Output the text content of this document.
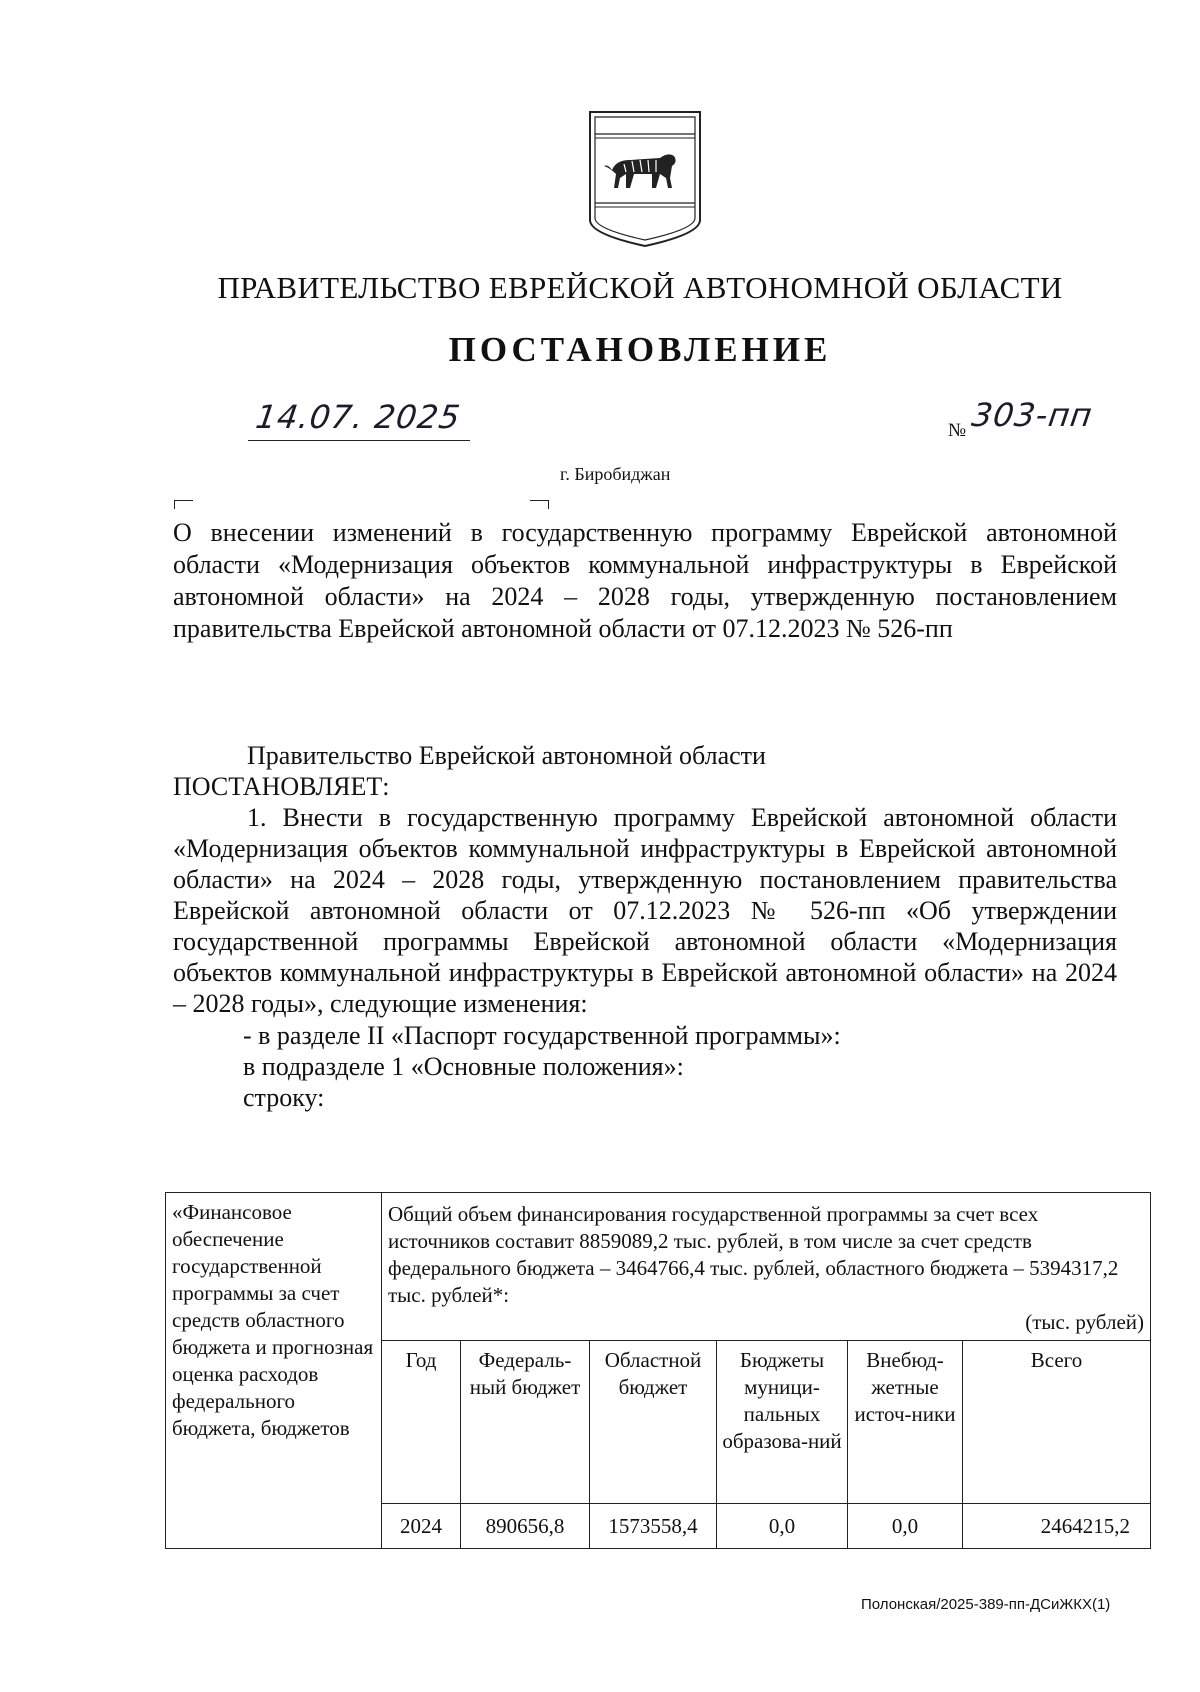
ПРАВИТЕЛЬСТВО ЕВРЕЙСКОЙ АВТОНОМНОЙ ОБЛАСТИ
ПОСТАНОВЛЕНИЕ
14.07. 2025	№ 303-пп
г. Биробиджан
О внесении изменений в государственную программу Еврейской автономной области «Модернизация объектов коммунальной инфраструктуры в Еврейской автономной области» на 2024 – 2028 годы, утвержденную постановлением правительства Еврейской автономной области от 07.12.2023 № 526-пп
Правительство Еврейской автономной области
ПОСТАНОВЛЯЕТ:
1. Внести в государственную программу Еврейской автономной области «Модернизация объектов коммунальной инфраструктуры в Еврейской автономной области» на 2024 – 2028 годы, утвержденную постановлением правительства Еврейской автономной области от 07.12.2023 № 526-пп «Об утверждении государственной программы Еврейской автономной области «Модернизация объектов коммунальной инфраструктуры в Еврейской автономной области» на 2024 – 2028 годы», следующие изменения:
- в разделе II «Паспорт государственной программы»:
в подразделе 1 «Основные положения»:
строку:
«Финансовое обеспечение государственной программы за счет средств областного бюджета и прогнозная оценка расходов федерального бюджета, бюджетов	
Общий объем финансирования государственной программы за счет всех источников составит 8859089,2 тыс. рублей, в том числе за счет средств федерального бюджета – 3464766,4 тыс. рублей, областного бюджета – 5394317,2 тыс. рублей*:
(тыс. рублей)

Год	Федераль-ный бюджет	Областной бюджет	Бюджеты муници-пальных образова-ний	Внебюд-жетные источ-ники	Всего
2024	890656,8	1573558,4	0,0	0,0	2464215,2
Полонская/2025-389-пп-ДСиЖКХ(1)
